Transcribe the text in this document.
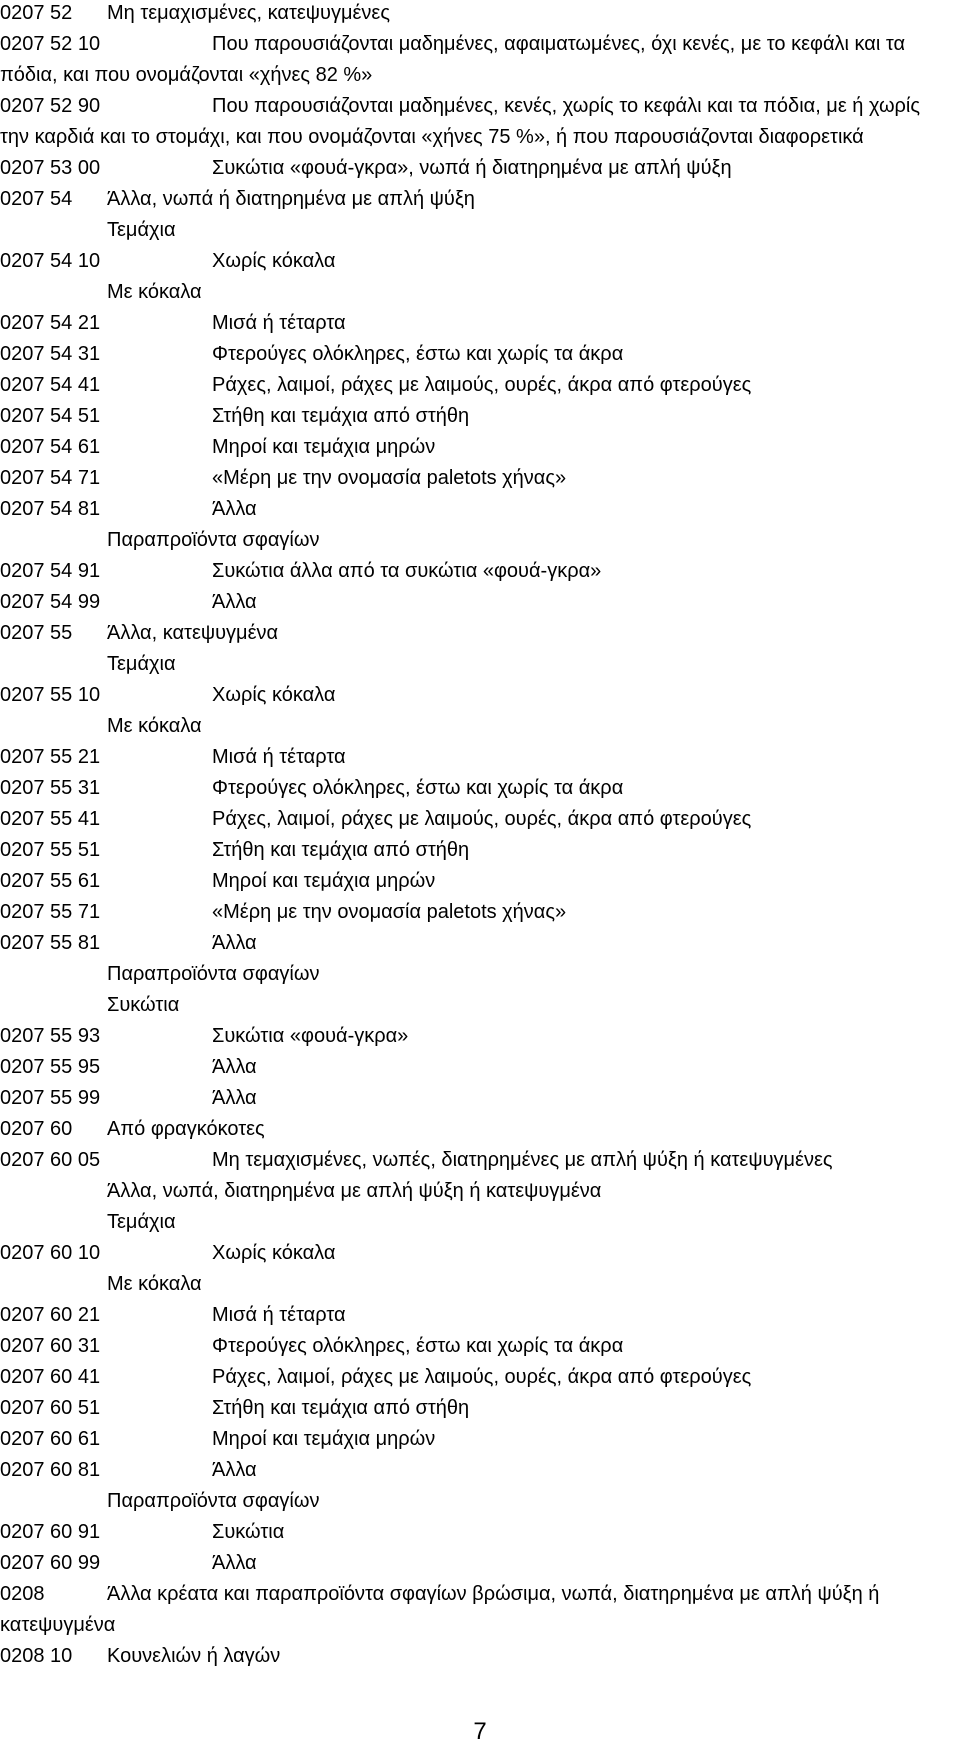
0207 52 Μη τεμαχισμένες, κατεψυγμένες
0207 52 10	Που παρουσιάζονται μαδημένες, αφαιματωμένες, όχι κενές, με το κεφάλι και τα πόδια, και που ονομάζονται «χήνες 82 %»
0207 52 90	Που παρουσιάζονται μαδημένες, κενές, χωρίς το κεφάλι και τα πόδια, με ή χωρίς την καρδιά και το στομάχι, και που ονομάζονται «χήνες 75 %», ή που παρουσιάζονται διαφορετικά
0207 53 00	Συκώτια «φουά-γκρα», νωπά ή διατηρημένα με απλή ψύξη
0207 54 Άλλα, νωπά ή διατηρημένα με απλή ψύξη
Τεμάχια
0207 54 10	Χωρίς κόκαλα
Με κόκαλα
0207 54 21	Μισά ή τέταρτα
0207 54 31	Φτερούγες ολόκληρες, έστω και χωρίς τα άκρα
0207 54 41	Ράχες, λαιμοί, ράχες με λαιμούς, ουρές, άκρα από φτερούγες
0207 54 51	Στήθη και τεμάχια από στήθη
0207 54 61	Μηροί και τεμάχια μηρών
0207 54 71	«Μέρη με την ονομασία paletots χήνας»
0207 54 81	Άλλα
Παραπροϊόντα σφαγίων
0207 54 91	Συκώτια άλλα από τα συκώτια «φουά-γκρα»
0207 54 99	Άλλα
0207 55 Άλλα, κατεψυγμένα
Τεμάχια
0207 55 10	Χωρίς κόκαλα
Με κόκαλα
0207 55 21	Μισά ή τέταρτα
0207 55 31	Φτερούγες ολόκληρες, έστω και χωρίς τα άκρα
0207 55 41	Ράχες, λαιμοί, ράχες με λαιμούς, ουρές, άκρα από φτερούγες
0207 55 51	Στήθη και τεμάχια από στήθη
0207 55 61	Μηροί και τεμάχια μηρών
0207 55 71	«Μέρη με την ονομασία paletots χήνας»
0207 55 81	Άλλα
Παραπροϊόντα σφαγίων
Συκώτια
0207 55 93	Συκώτια «φουά-γκρα»
0207 55 95	Άλλα
0207 55 99	Άλλα
0207 60 Από φραγκόκοτες
0207 60 05	Μη τεμαχισμένες, νωπές, διατηρημένες με απλή ψύξη ή κατεψυγμένες
Άλλα, νωπά, διατηρημένα με απλή ψύξη ή κατεψυγμένα
Τεμάχια
0207 60 10	Χωρίς κόκαλα
Με κόκαλα
0207 60 21	Μισά ή τέταρτα
0207 60 31	Φτερούγες ολόκληρες, έστω και χωρίς τα άκρα
0207 60 41	Ράχες, λαιμοί, ράχες με λαιμούς, ουρές, άκρα από φτερούγες
0207 60 51	Στήθη και τεμάχια από στήθη
0207 60 61	Μηροί και τεμάχια μηρών
0207 60 81	Άλλα
Παραπροϊόντα σφαγίων
0207 60 91	Συκώτια
0207 60 99	Άλλα
0208	Άλλα κρέατα και παραπροϊόντα σφαγίων βρώσιμα, νωπά, διατηρημένα με απλή ψύξη ή κατεψυγμένα
0208 10 Κουνελιών ή λαγών
7
